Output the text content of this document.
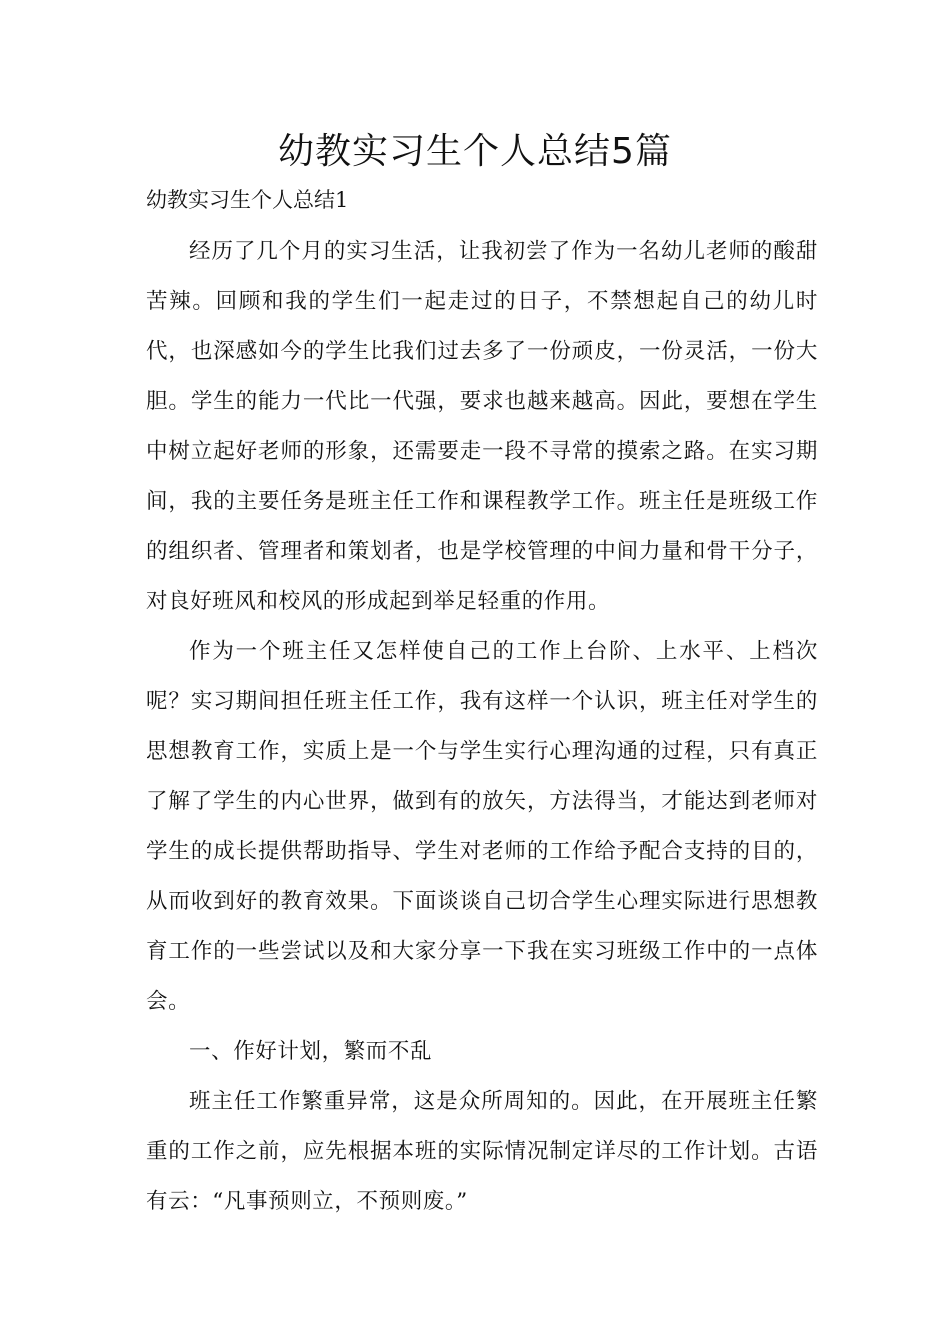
幼教实习生个人总结5篇

幼教实习生个人总结1

经历了几个月的实习生活，让我初尝了作为一名幼儿老师的酸甜苦辣。回顾和我的学生们一起走过的日子，不禁想起自己的幼儿时代，也深感如今的学生比我们过去多了一份顽皮，一份灵活，一份大胆。学生的能力一代比一代强，要求也越来越高。因此，要想在学生中树立起好老师的形象，还需要走一段不寻常的摸索之路。在实习期间，我的主要任务是班主任工作和课程教学工作。班主任是班级工作的组织者、管理者和策划者，也是学校管理的中间力量和骨干分子，对良好班风和校风的形成起到举足轻重的作用。

作为一个班主任又怎样使自己的工作上台阶、上水平、上档次呢？实习期间担任班主任工作，我有这样一个认识，班主任对学生的思想教育工作，实质上是一个与学生实行心理沟通的过程，只有真正了解了学生的内心世界，做到有的放矢，方法得当，才能达到老师对学生的成长提供帮助指导、学生对老师的工作给予配合支持的目的，从而收到好的教育效果。下面谈谈自己切合学生心理实际进行思想教育工作的一些尝试以及和大家分享一下我在实习班级工作中的一点体会。

一、作好计划，繁而不乱

班主任工作繁重异常，这是众所周知的。因此，在开展班主任繁重的工作之前，应先根据本班的实际情况制定详尽的工作计划。古语有云：“凡事预则立，不预则废。”
